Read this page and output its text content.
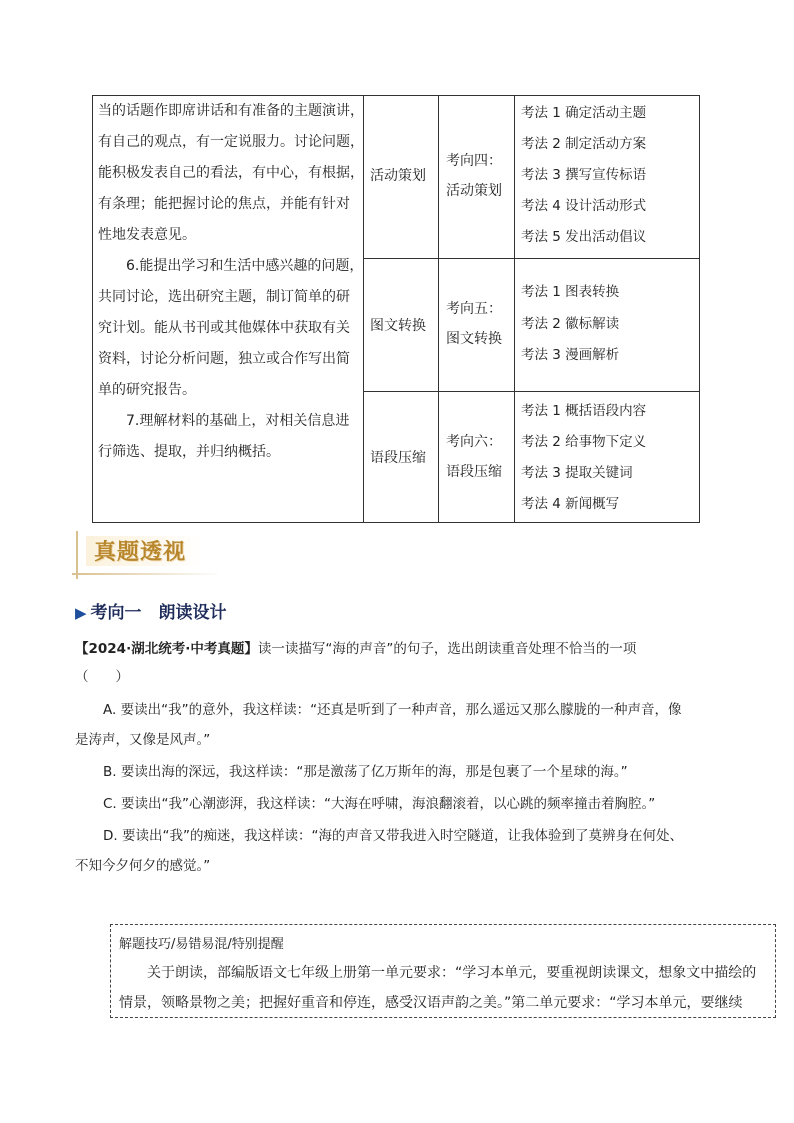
当的话题作即席讲话和有准备的主题演讲，
有自己的观点，有一定说服力。讨论问题，
能积极发表自己的看法，有中心，有根据，
有条理；能把握讨论的焦点，并能有针对
性地发表意见。
6.能提出学习和生活中感兴趣的问题，
共同讨论，选出研究主题，制订简单的研
究计划。能从书刊或其他媒体中获取有关
资料，讨论分析问题，独立或合作写出简
单的研究报告。
7.理解材料的基础上，对相关信息进
行筛选、提取，并归纳概括。
活动策划
考向四：
活动策划
考法 1 确定活动主题
考法 2 制定活动方案
考法 3 撰写宣传标语
考法 4 设计活动形式
考法 5 发出活动倡议
图文转换
考向五：
图文转换
考法 1 图表转换
考法 2 徽标解读
考法 3 漫画解析
语段压缩
考向六：
语段压缩
考法 1 概括语段内容
考法 2 给事物下定义
考法 3 提取关键词
考法 4 新闻概写
真题透视
▶ 考向一　朗读设计
【2024·湖北统考·中考真题】读一读描写“海的声音”的句子，选出朗读重音处理不恰当的一项
（　　）
A. 要读出“我”的意外，我这样读：“还真是听到了一种声音，那么遥远又那么朦胧的一种声音，像
是涛声，又像是风声。”
B. 要读出海的深远，我这样读：“那是激荡了亿万斯年的海，那是包裹了一个星球的海。”
C. 要读出“我”心潮澎湃，我这样读：“大海在呼啸，海浪翻滚着，以心跳的频率撞击着胸腔。”
D. 要读出“我”的痴迷，我这样读：“海的声音又带我进入时空隧道，让我体验到了莫辨身在何处、
不知今夕何夕的感觉。”
解题技巧/易错易混/特别提醒
关于朗读，部编版语文七年级上册第一单元要求：“学习本单元，要重视朗读课文，想象文中描绘的
情景，领略景物之美；把握好重音和停连，感受汉语声韵之美。”第二单元要求：“学习本单元，要继续
